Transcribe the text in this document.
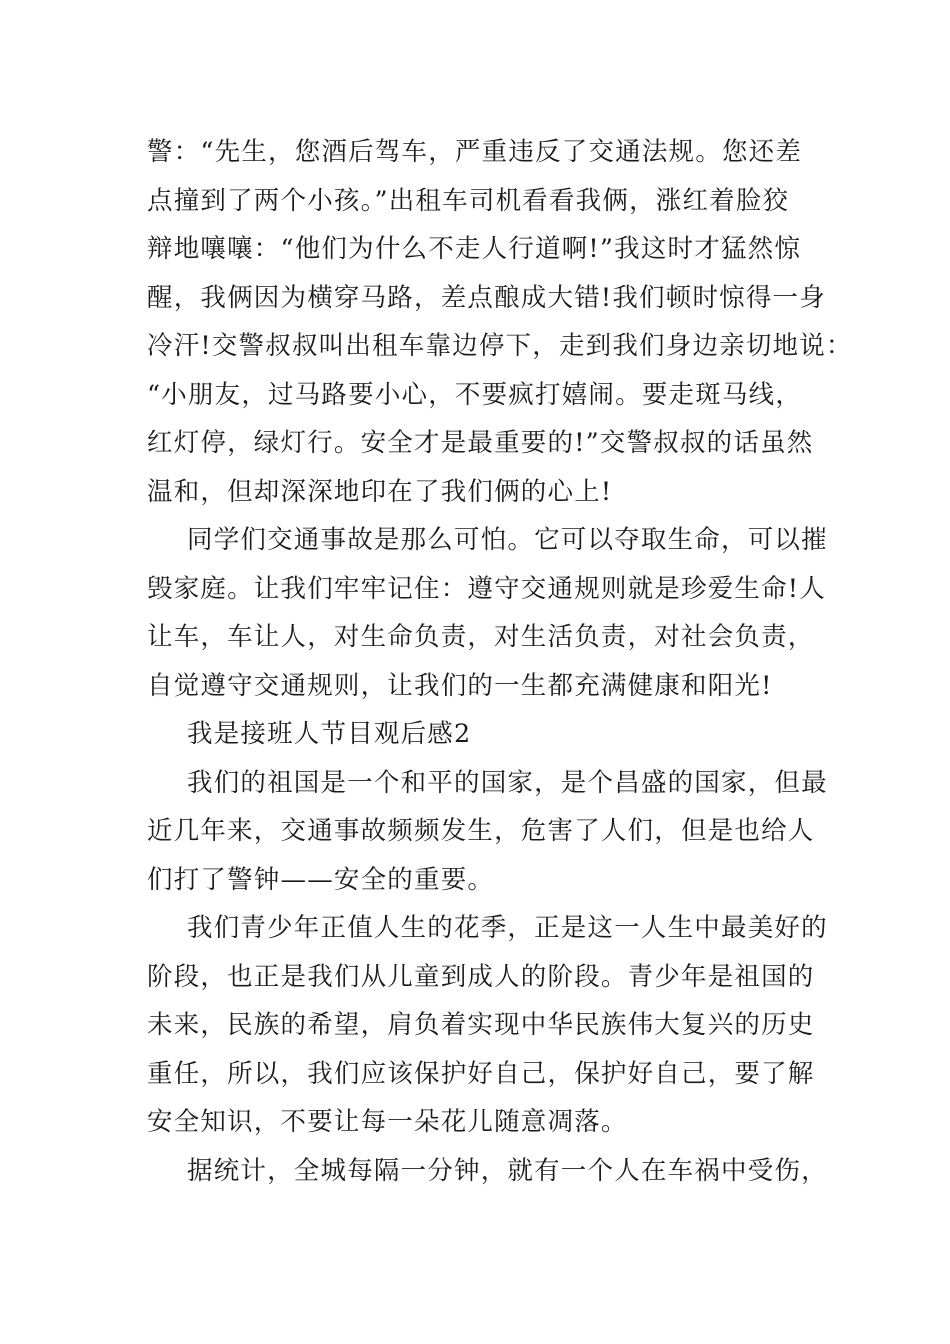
警：“先生，您酒后驾车，严重违反了交通法规。您还差
点撞到了两个小孩。”出租车司机看看我俩，涨红着脸狡
辩地嚷嚷：“他们为什么不走人行道啊!”我这时才猛然惊
醒，我俩因为横穿马路，差点酿成大错!我们顿时惊得一身
冷汗!交警叔叔叫出租车靠边停下，走到我们身边亲切地说：
“小朋友，过马路要小心，不要疯打嬉闹。要走斑马线，
红灯停，绿灯行。安全才是最重要的!”交警叔叔的话虽然
温和，但却深深地印在了我们俩的心上!
同学们交通事故是那么可怕。它可以夺取生命，可以摧
毁家庭。让我们牢牢记住：遵守交通规则就是珍爱生命!人
让车，车让人，对生命负责，对生活负责，对社会负责，
自觉遵守交通规则，让我们的一生都充满健康和阳光!
我是接班人节目观后感2
我们的祖国是一个和平的国家，是个昌盛的国家，但最
近几年来，交通事故频频发生，危害了人们，但是也给人
们打了警钟——安全的重要。
我们青少年正值人生的花季，正是这一人生中最美好的
阶段，也正是我们从儿童到成人的阶段。青少年是祖国的
未来，民族的希望，肩负着实现中华民族伟大复兴的历史
重任，所以，我们应该保护好自己，保护好自己，要了解
安全知识，不要让每一朵花儿随意凋落。
据统计，全城每隔一分钟，就有一个人在车祸中受伤，
